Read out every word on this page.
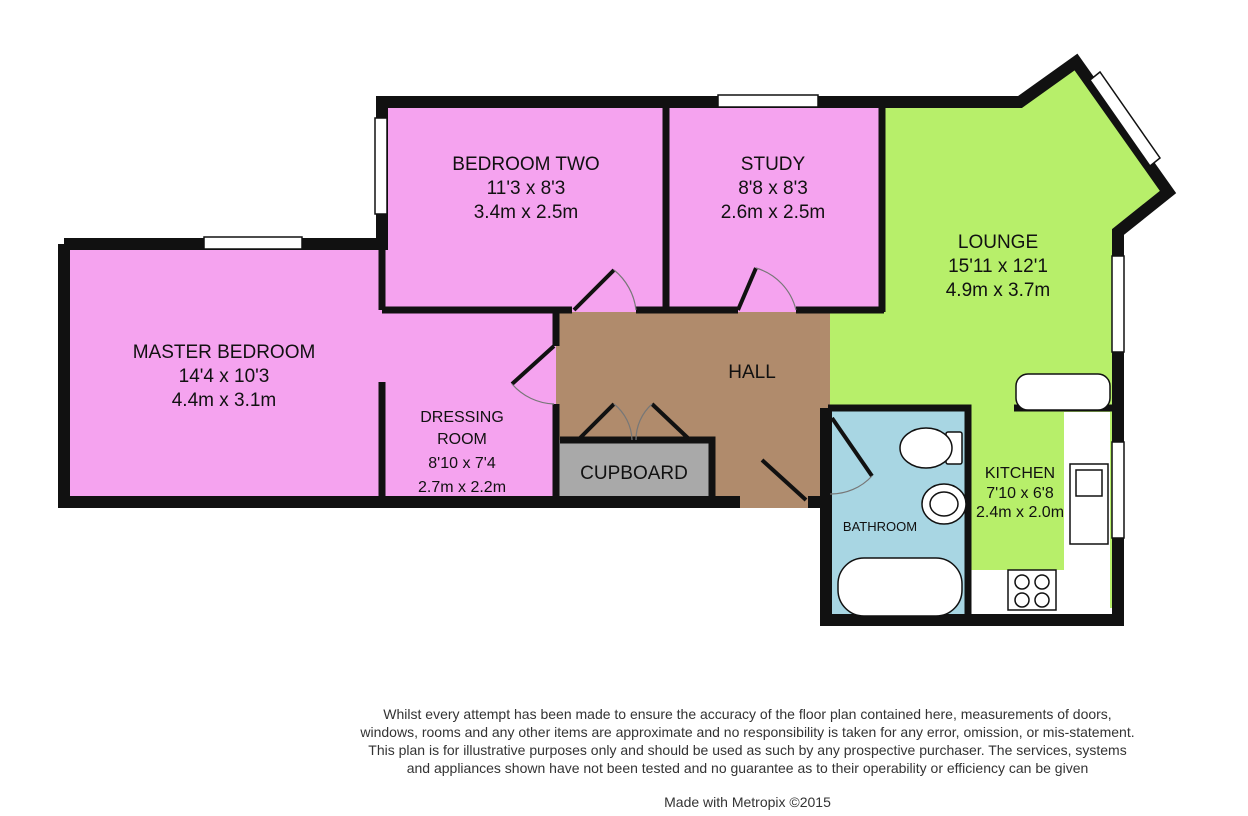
MASTER BEDROOM
14'4 x 10'3
4.4m x 3.1m
BEDROOM TWO
11'3 x 8'3
3.4m x 2.5m
STUDY
8'8 x 8'3
2.6m x 2.5m
LOUNGE
15'11 x 12'1
4.9m x 3.7m
HALL
DRESSING
ROOM
8'10 x 7'4
2.7m x 2.2m
CUPBOARD
BATHROOM
KITCHEN
7'10 x 6'8
2.4m x 2.0m
Whilst every attempt has been made to ensure the accuracy of the floor plan contained here, measurements of doors, windows, rooms and any other items are approximate and no responsibility is taken for any error, omission, or mis-statement. This plan is for illustrative purposes only and should be used as such by any prospective purchaser. The services, systems and appliances shown have not been tested and no guarantee as to their operability or efficiency can be given
Made with Metropix ©2015
